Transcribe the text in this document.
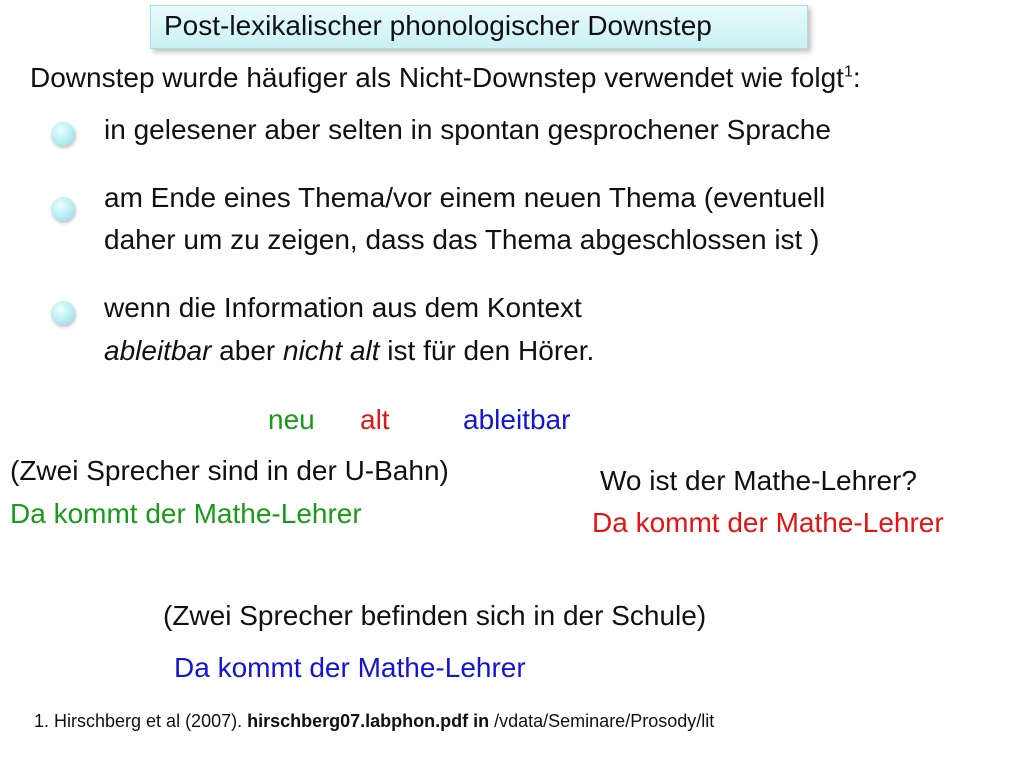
Post-lexikalischer phonologischer Downstep
Downstep wurde häufiger als Nicht-Downstep verwendet wie folgt$^1$:
in gelesener aber selten in spontan gesprochener Sprache
am Ende eines Thema/vor einem neuen Thema (eventuell
daher um zu zeigen, dass das Thema abgeschlossen ist )
wenn die Information aus dem Kontext
ableitbar aber nicht alt ist für den Hörer.
neu alt	ableitbar
(Zwei Sprecher sind in der U-Bahn)
Da kommt der Mathe-Lehrer
Wo ist der Mathe-Lehrer?
Da kommt der Mathe-Lehrer
(Zwei Sprecher befinden sich in der Schule)
Da kommt der Mathe-Lehrer
1. Hirschberg et al (2007). hirschberg07.labphon.pdf in /vdata/Seminare/Prosody/lit
